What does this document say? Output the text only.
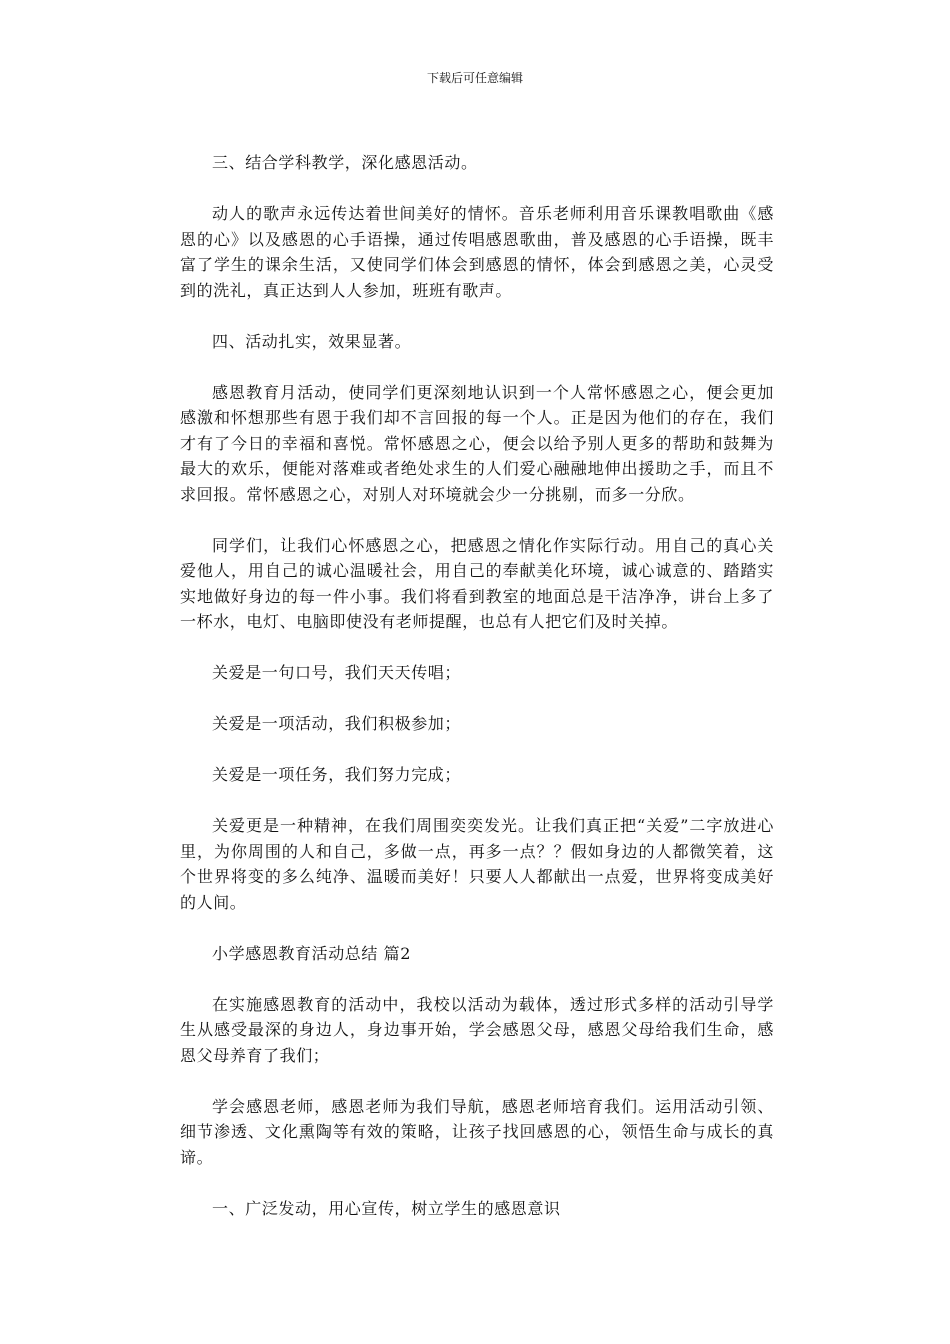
下载后可任意编辑

三、结合学科教学，深化感恩活动。

动人的歌声永远传达着世间美好的情怀。音乐老师利用音乐课教唱歌曲《感恩的心》以及感恩的心手语操，通过传唱感恩歌曲，普及感恩的心手语操，既丰富了学生的课余生活，又使同学们体会到感恩的情怀，体会到感恩之美，心灵受到的洗礼，真正达到人人参加，班班有歌声。

四、活动扎实，效果显著。

感恩教育月活动，使同学们更深刻地认识到一个人常怀感恩之心，便会更加感激和怀想那些有恩于我们却不言回报的每一个人。正是因为他们的存在，我们才有了今日的幸福和喜悦。常怀感恩之心，便会以给予别人更多的帮助和鼓舞为最大的欢乐，便能对落难或者绝处求生的人们爱心融融地伸出援助之手，而且不求回报。常怀感恩之心，对别人对环境就会少一分挑剔，而多一分欣。

同学们，让我们心怀感恩之心，把感恩之情化作实际行动。用自己的真心关爱他人，用自己的诚心温暖社会，用自己的奉献美化环境，诚心诚意的、踏踏实实地做好身边的每一件小事。我们将看到教室的地面总是干洁净净，讲台上多了一杯水，电灯、电脑即使没有老师提醒，也总有人把它们及时关掉。

关爱是一句口号，我们天天传唱；

关爱是一项活动，我们积极参加；

关爱是一项任务，我们努力完成；

关爱更是一种精神，在我们周围奕奕发光。让我们真正把“关爱”二字放进心里，为你周围的人和自己，多做一点，再多一点？？假如身边的人都微笑着，这个世界将变的多么纯净、温暖而美好！只要人人都献出一点爱，世界将变成美好的人间。

小学感恩教育活动总结 篇2

在实施感恩教育的活动中，我校以活动为载体，透过形式多样的活动引导学生从感受最深的身边人，身边事开始，学会感恩父母，感恩父母给我们生命，感恩父母养育了我们；

学会感恩老师，感恩老师为我们导航，感恩老师培育我们。运用活动引领、细节渗透、文化熏陶等有效的策略，让孩子找回感恩的心，领悟生命与成长的真谛。

一、广泛发动，用心宣传，树立学生的感恩意识
